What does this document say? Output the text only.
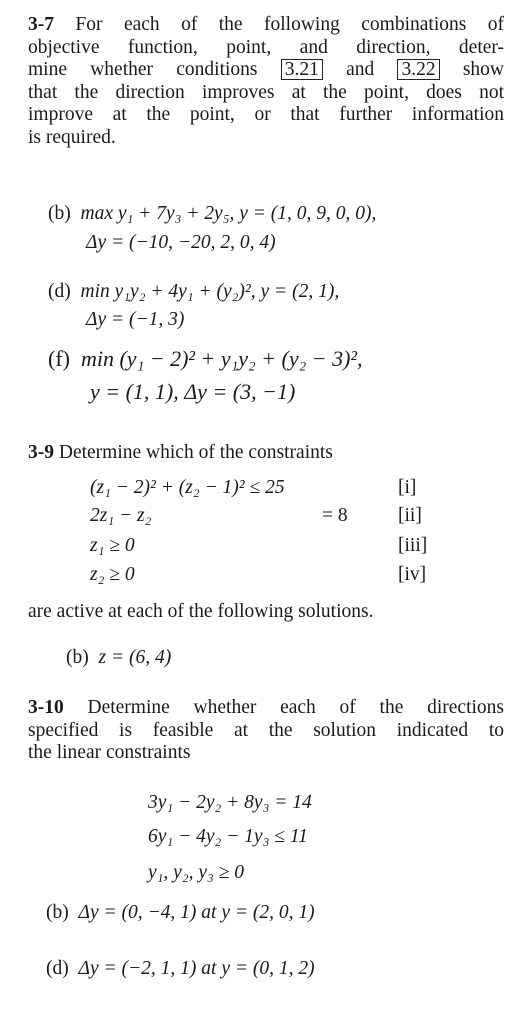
3-7 For each of the following combinations of
objective function, point, and direction, deter-
mine whether conditions 3.21 and 3.22 show
that the direction improves at the point, does not
improve at the point, or that further information
is required.
(b) max y₁ + 7y₃ + 2y₅, y = (1, 0, 9, 0, 0),
Δy = (−10, −20, 2, 0, 4)
(d) min y₁y₂ + 4y₁ + (y₂)², y = (2, 1),
Δy = (−1, 3)
(f) min (y₁ − 2)² + y₁y₂ + (y₂ − 3)²,
y = (1, 1), Δy = (3, −1)
3-9 Determine which of the constraints
(z₁ − 2)² + (z₂ − 1)² ≤ 25	[i]
2z₁ − z₂	= 8	[ii]
z₁ ≥ 0	[iii]
z₂ ≥ 0	[iv]
are active at each of the following solutions.
(b) z = (6, 4)
3-10 Determine whether each of the directions
specified is feasible at the solution indicated to
the linear constraints
3y₁ − 2y₂ + 8y₃ = 14
6y₁ − 4y₂ − 1y₃ ≤ 11
y₁, y₂, y₃ ≥ 0
(b) Δy = (0, −4, 1) at y = (2, 0, 1)
(d) Δy = (−2, 1, 1) at y = (0, 1, 2)
